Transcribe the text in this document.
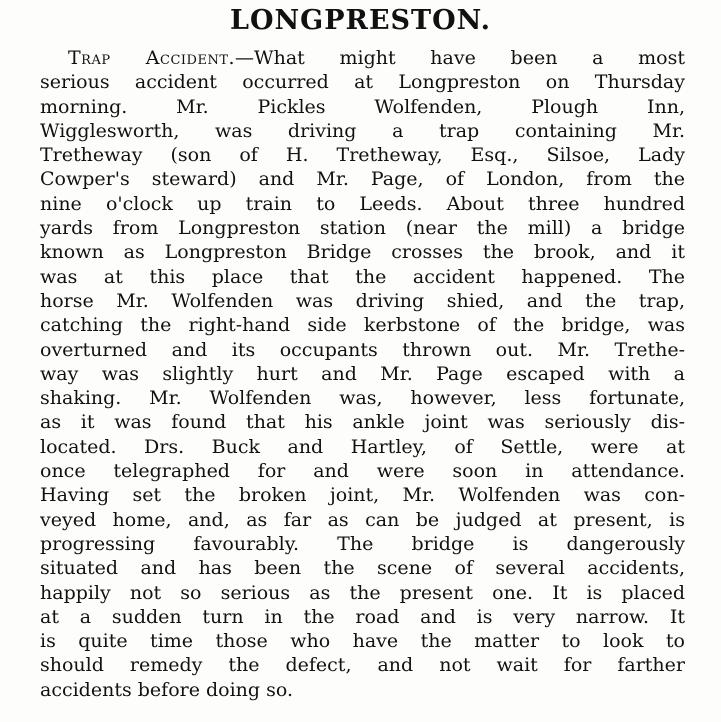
LONGPRESTON.
Trap Accident.—What might have been a most
serious accident occurred at Longpreston on Thursday
morning. Mr. Pickles Wolfenden, Plough Inn,
Wigglesworth, was driving a trap containing Mr.
Tretheway (son of H. Tretheway, Esq., Silsoe, Lady
Cowper's steward) and Mr. Page, of London, from the
nine o'clock up train to Leeds. About three hundred
yards from Longpreston station (near the mill) a bridge
known as Longpreston Bridge crosses the brook, and it
was at this place that the accident happened. The
horse Mr. Wolfenden was driving shied, and the trap,
catching the right-hand side kerbstone of the bridge, was
overturned and its occupants thrown out. Mr. Trethe-
way was slightly hurt and Mr. Page escaped with a
shaking. Mr. Wolfenden was, however, less fortunate,
as it was found that his ankle joint was seriously dis-
located. Drs. Buck and Hartley, of Settle, were at
once telegraphed for and were soon in attendance.
Having set the broken joint, Mr. Wolfenden was con-
veyed home, and, as far as can be judged at present, is
progressing favourably. The bridge is dangerously
situated and has been the scene of several accidents,
happily not so serious as the present one. It is placed
at a sudden turn in the road and is very narrow. It
is quite time those who have the matter to look to
should remedy the defect, and not wait for farther
accidents before doing so.
